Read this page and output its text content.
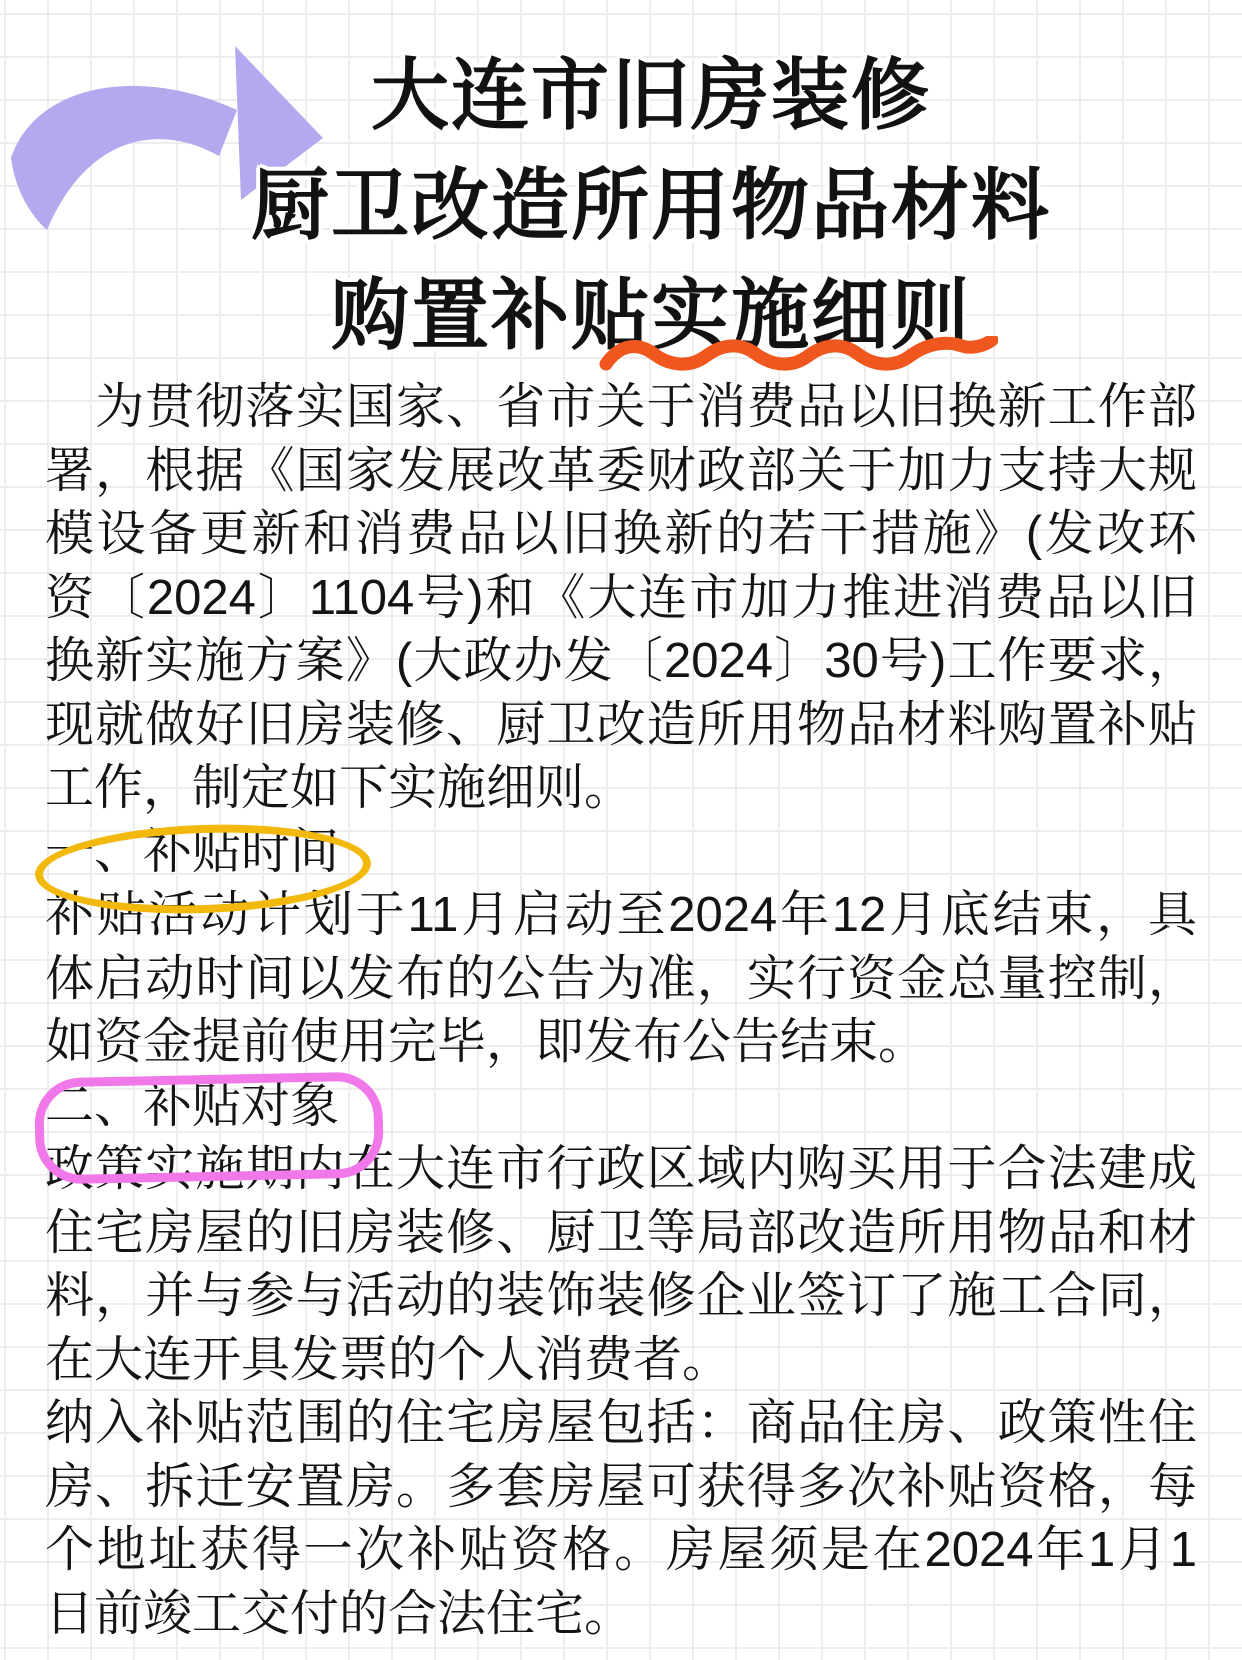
大连市旧房装修
厨卫改造所用物品材料
购置补贴实施细则
　为贯彻落实国家、省市关于消费品以旧换新工作部
署，根据《国家发展改革委财政部关于加力支持大规
模设备更新和消费品以旧换新的若干措施》(发改环
资〔2024〕1104号)和《大连市加力推进消费品以旧
换新实施方案》(大政办发〔2024〕30号)工作要求，
现就做好旧房装修、厨卫改造所用物品材料购置补贴
工作，制定如下实施细则。
一、补贴时间
补贴活动计划于11月启动至2024年12月底结束，具
体启动时间以发布的公告为准，实行资金总量控制，
如资金提前使用完毕，即发布公告结束。
二、补贴对象
政策实施期内在大连市行政区域内购买用于合法建成
住宅房屋的旧房装修、厨卫等局部改造所用物品和材
料，并与参与活动的装饰装修企业签订了施工合同，
在大连开具发票的个人消费者。
纳入补贴范围的住宅房屋包括：商品住房、政策性住
房、拆迁安置房。多套房屋可获得多次补贴资格，每
个地址获得一次补贴资格。房屋须是在2024年1月1
日前竣工交付的合法住宅。
